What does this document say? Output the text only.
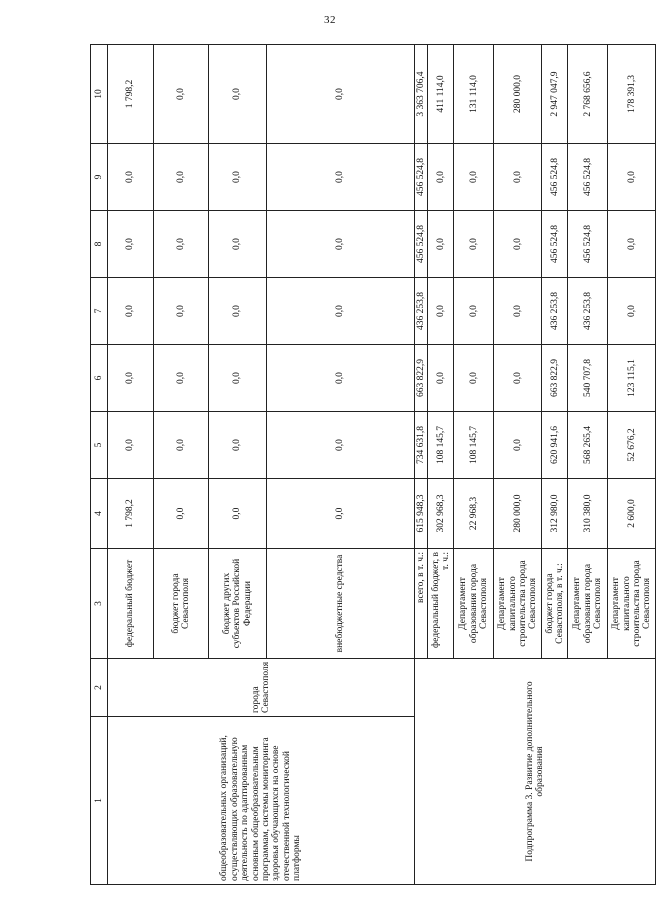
32
1	2	3	4	5	6	7	8	9	10
общеобразовательных организаций, осуществляющих образовательную деятельность по адаптированным основным общеобразовательным программам, системы мониторинга здоровья обучающихся на основе отечественной технологической платформы	города Севастополя	федеральный бюджет	1 798,2	0,0	0,0	0,0	0,0	0,0	1 798,2
		бюджет города Севастополя	0,0	0,0	0,0	0,0	0,0	0,0	0,0
		бюджет других субъектов Российской Федерации	0,0	0,0	0,0	0,0	0,0	0,0	0,0
		внебюджетные средства	0,0	0,0	0,0	0,0	0,0	0,0	0,0
Подпрограмма 3. Развитие дополнительного образования		всего, в т. ч.:	615 948,3	734 631,8	663 822,9	436 253,8	456 524,8	456 524,8	3 363 706,4
		федеральный бюджет, в т. ч.:	302 968,3	108 145,7	0,0	0,0	0,0	0,0	411 114,0
		Департамент образования города Севастополя	22 968,3	108 145,7	0,0	0,0	0,0	0,0	131 114,0
		Департамент капитального строительства города Севастополя	280 000,0	0,0	0,0	0,0	0,0	0,0	280 000,0
		бюджет города Севастополя, в т. ч.:	312 980,0	620 941,6	663 822,9	436 253,8	456 524,8	456 524,8	2 947 047,9
		Департамент образования города Севастополя	310 380,0	568 265,4	540 707,8	436 253,8	456 524,8	456 524,8	2 768 656,6
		Департамент капитального строительства города Севастополя	2 600,0	52 676,2	123 115,1	0,0	0,0	0,0	178 391,3
